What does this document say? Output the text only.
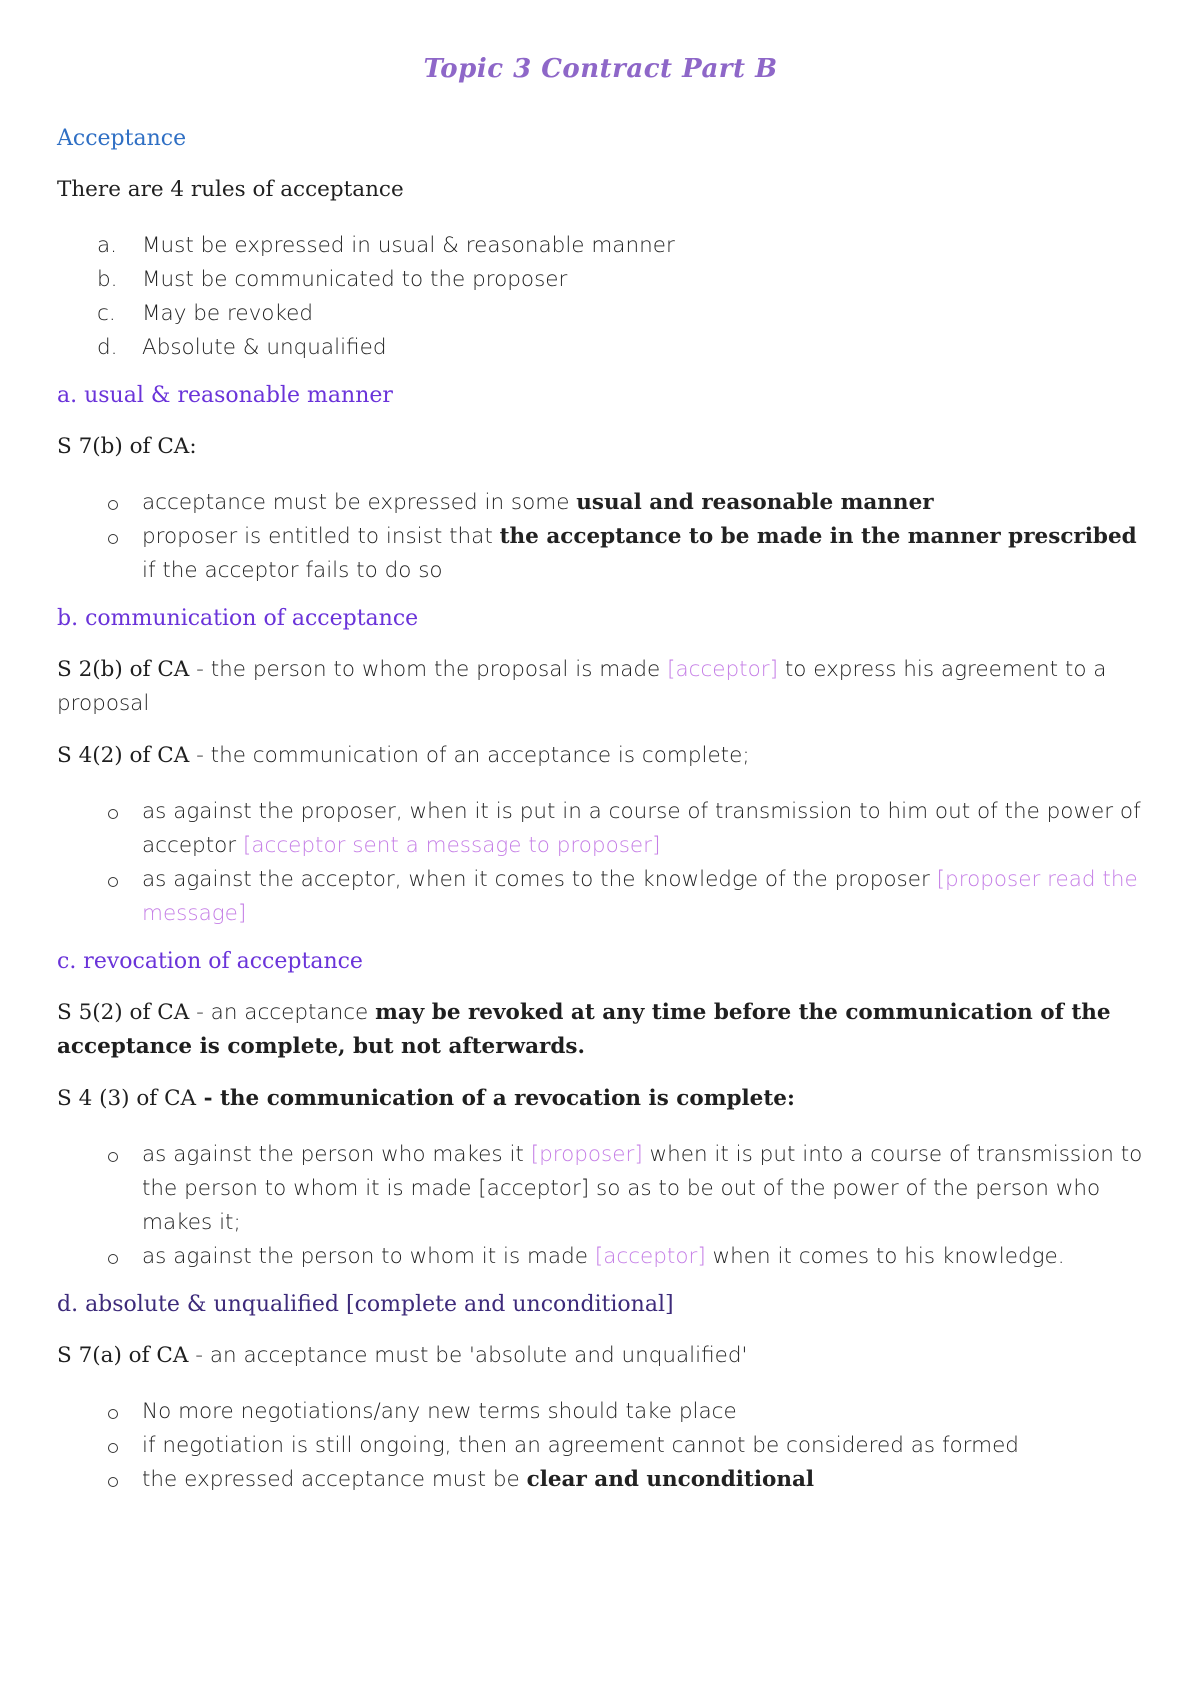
Topic 3 Contract Part B
Acceptance

There are 4 rules of acceptance

a. Must be expressed in usual & reasonable manner
b. Must be communicated to the proposer
c. May be revoked
d. Absolute & unqualified
a. usual & reasonable manner

S 7(b) of CA:

acceptance must be expressed in some usual and reasonable manner
proposer is entitled to insist that the acceptance to be made in the manner prescribed if the acceptor fails to do so
b. communication of acceptance

S 2(b) of CA - the person to whom the proposal is made [acceptor] to express his agreement to a proposal

S 4(2) of CA - the communication of an acceptance is complete;

as against the proposer, when it is put in a course of transmission to him out of the power of acceptor [acceptor sent a message to proposer]
as against the acceptor, when it comes to the knowledge of the proposer [proposer read the message]
c. revocation of acceptance

S 5(2) of CA - an acceptance may be revoked at any time before the communication of the acceptance is complete, but not afterwards.

S 4 (3) of CA - the communication of a revocation is complete:

as against the person who makes it [proposer] when it is put into a course of transmission to the person to whom it is made [acceptor] so as to be out of the power of the person who makes it;
as against the person to whom it is made [acceptor] when it comes to his knowledge.
d. absolute & unqualified [complete and unconditional]

S 7(a) of CA - an acceptance must be 'absolute and unqualified'

No more negotiations/any new terms should take place
if negotiation is still ongoing, then an agreement cannot be considered as formed
the expressed acceptance must be clear and unconditional
